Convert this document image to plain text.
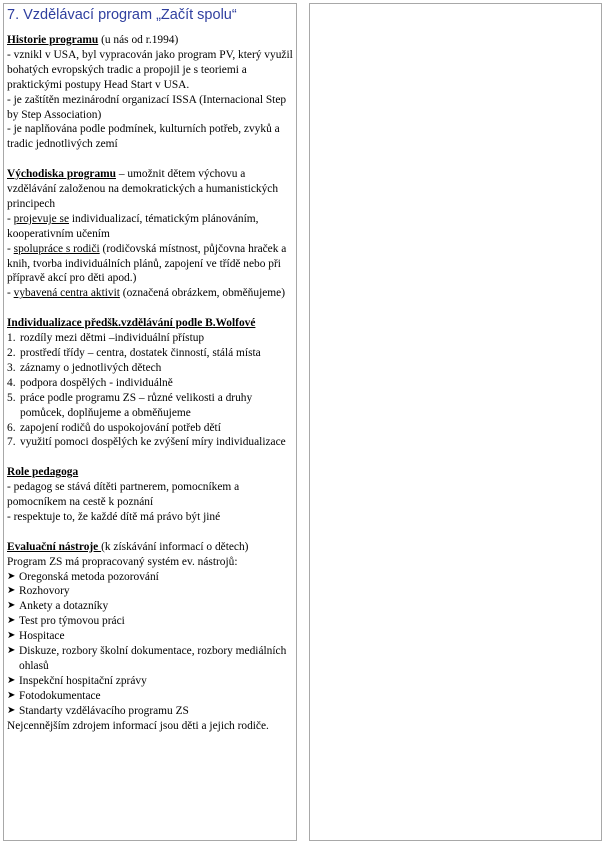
7. Vzdělávací program „Začít spolu“
Historie programu (u nás od r.1994)
- vznikl v USA, byl vypracován jako program PV, který využil bohatých evropských tradic a propojil je s teoriemi a praktickými postupy Head Start v USA.
- je zaštítěn mezinárodní organizací ISSA (Internacional Step by Step Association)
- je naplňována podle podmínek, kulturních potřeb, zvyků a tradic jednotlivých zemí
Východiska programu – umožnit dětem výchovu a vzdělávání založenou na demokratických a humanistických principech
- projevuje se individualizací, tématickým plánováním, kooperativním učením
- spolupráce s rodiči (rodičovská místnost, půjčovna hraček a knih, tvorba individuálních plánů, zapojení ve třídě nebo při přípravě akcí pro děti apod.)
- vybavená centra aktivit (označená obrázkem, obměňujeme)
Individualizace předšk.vzdělávání podle B.Wolfové
1. rozdíly mezi dětmi –individuální přístup
2. prostředí třídy – centra, dostatek činností, stálá místa
3. záznamy o jednotlivých dětech
4. podpora dospělých - individuálně
5. práce podle programu ZS – různé velikosti a druhy pomůcek, doplňujeme a obměňujeme
6. zapojení rodičů do uspokojování potřeb dětí
7. využití pomoci dospělých ke zvýšení míry individualizace
Role pedagoga
- pedagog se stává dítěti partnerem, pomocníkem a pomocníkem na cestě k poznání
- respektuje to, že každé dítě má právo být jiné
Evaluační nástroje (k získávání informací o dětech)
Program ZS má propracovaný systém ev. nástrojů:
➤ Oregonská metoda pozorování
➤ Rozhovory
➤ Ankety a dotazníky
➤ Test pro týmovou práci
➤ Hospitace
➤ Diskuze, rozbory školní dokumentace, rozbory mediálních ohlasů
➤ Inspekční hospitační zprávy
➤ Fotodokumentace
➤ Standarty vzdělávacího programu ZS
Nejcennějším zdrojem informací jsou děti a jejich rodiče.
